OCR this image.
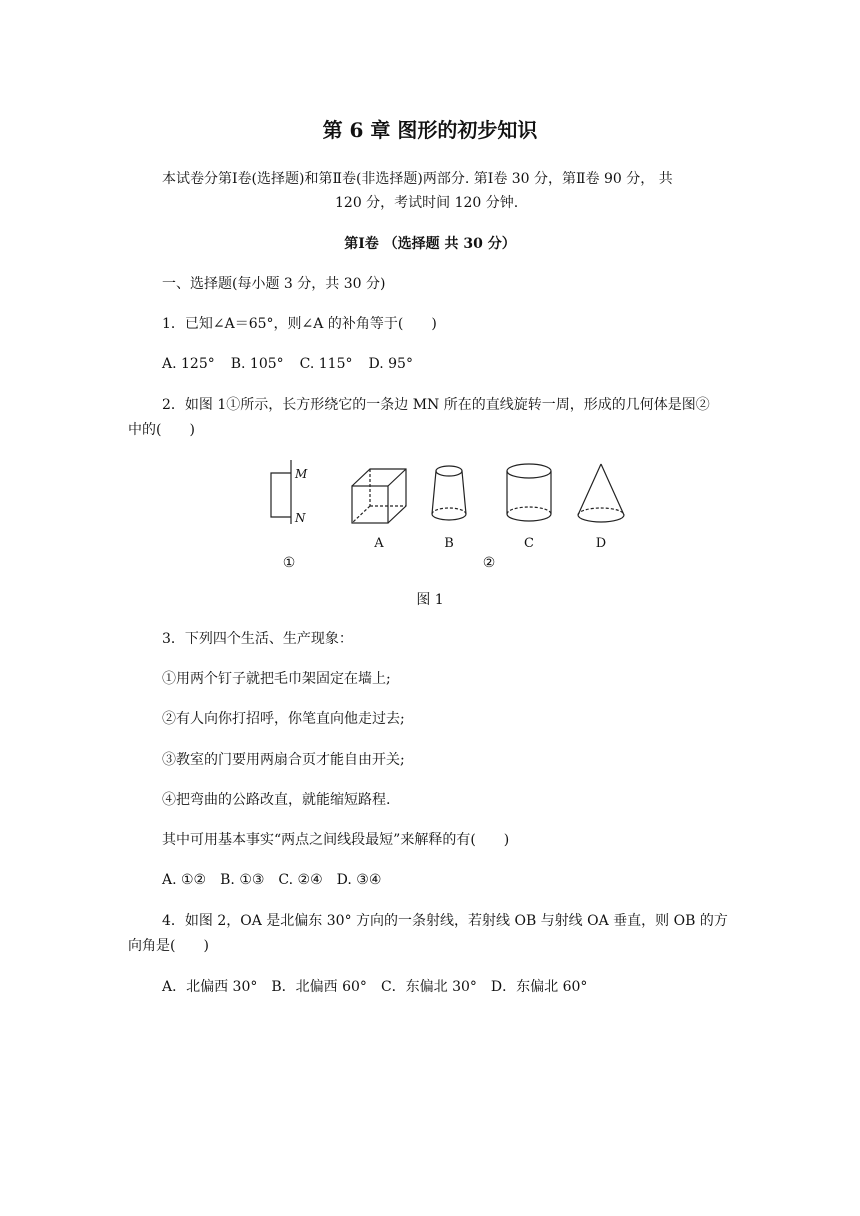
第 6 章 图形的初步知识
本试卷分第Ⅰ卷(选择题)和第Ⅱ卷(非选择题)两部分. 第Ⅰ卷 30 分，第Ⅱ卷 90 分， 共
120 分，考试时间 120 分钟.
第Ⅰ卷 （选择题 共 30 分）
一、选择题(每小题 3 分，共 30 分)
1．已知∠A＝65°，则∠A 的补角等于(　　)
A. 125° B. 105° C. 115° D. 95°
2．如图 1①所示，长方形绕它的一条边 MN 所在的直线旋转一周，形成的几何体是图②
中的(　　)
M
N
A	B	C	D
①	②
图 1
3．下列四个生活、生产现象：
①用两个钉子就把毛巾架固定在墙上;
②有人向你打招呼，你笔直向他走过去;
③教室的门要用两扇合页才能自由开关;
④把弯曲的公路改直，就能缩短路程.
其中可用基本事实“两点之间线段最短”来解释的有(　　)
A. ①② B. ①③ C. ②④ D. ③④
4．如图 2，OA 是北偏东 30° 方向的一条射线，若射线 OB 与射线 OA 垂直，则 OB 的方
向角是(　　)
A．北偏西 30° B．北偏西 60° C．东偏北 30° D．东偏北 60°
